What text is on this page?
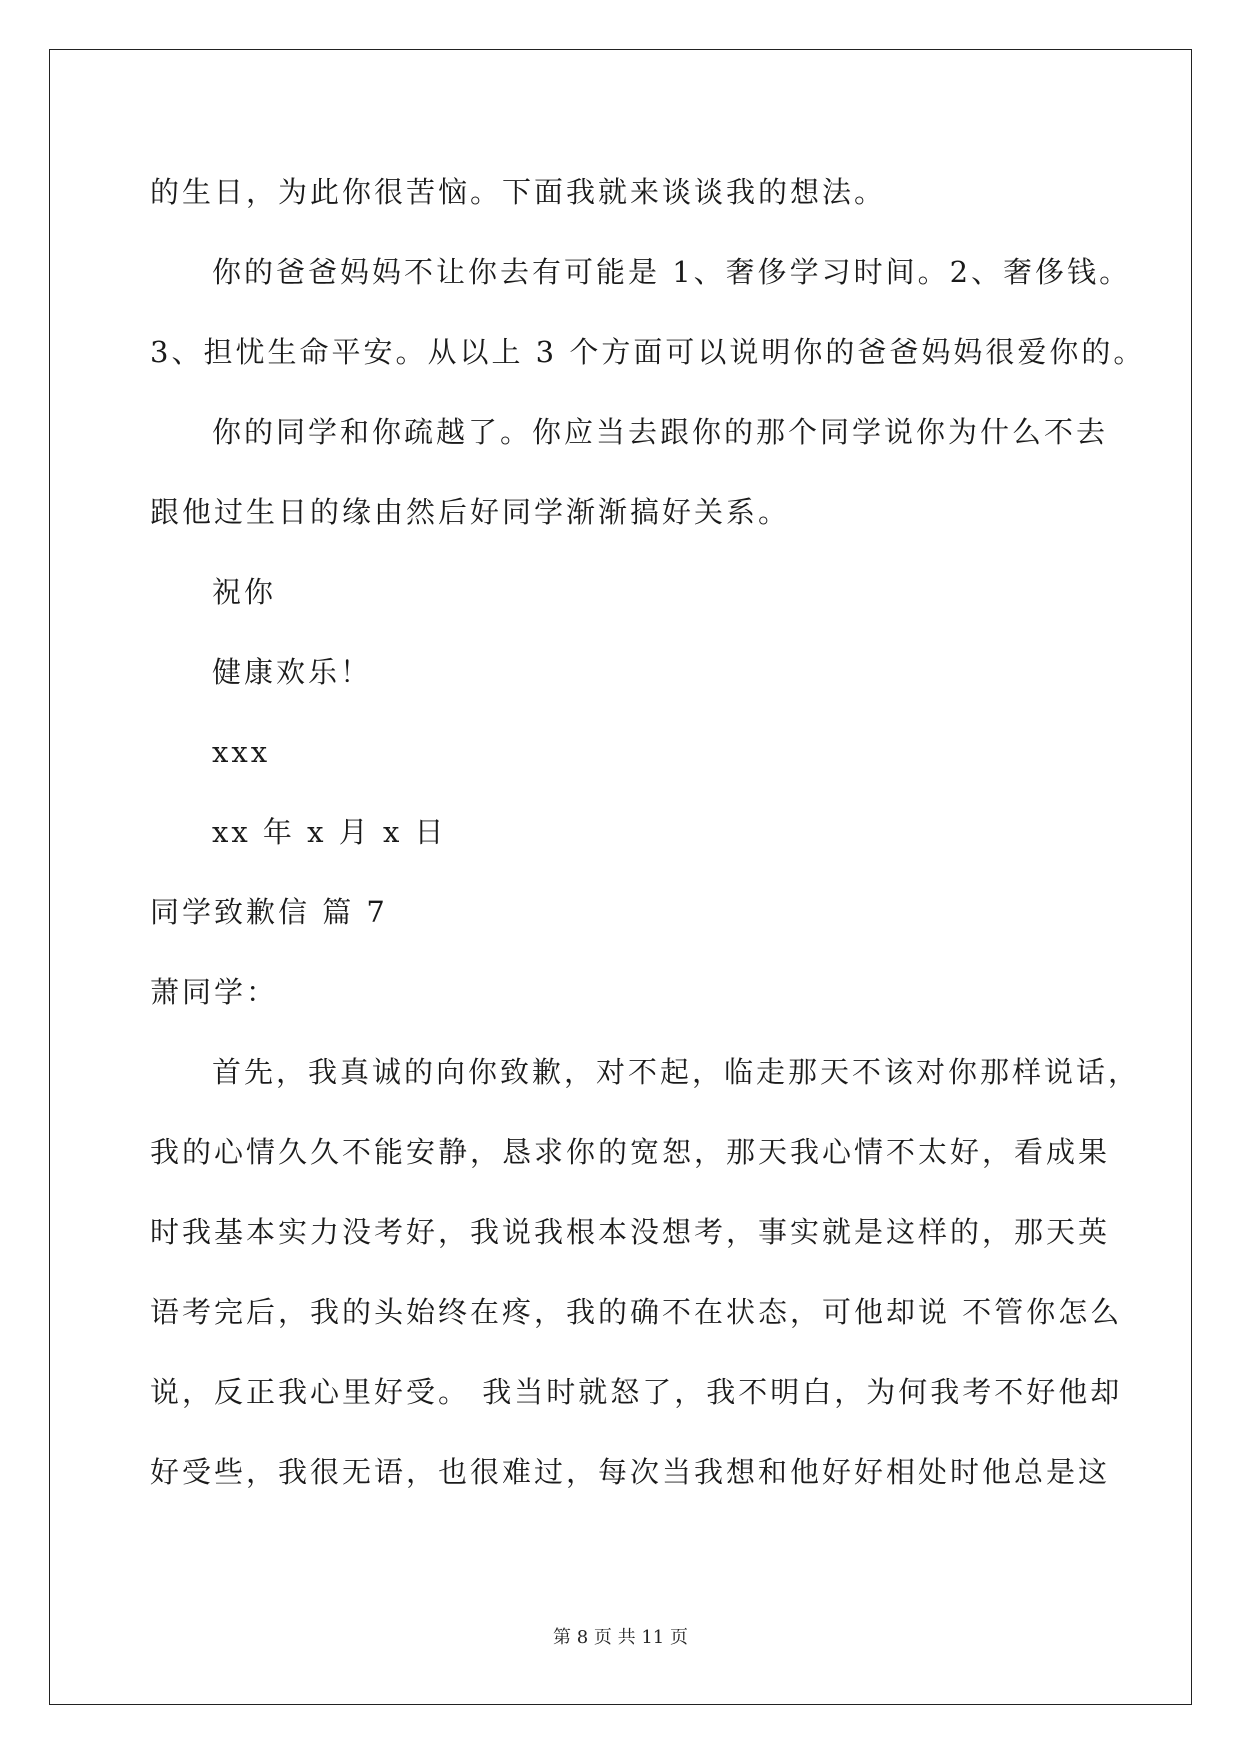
的生日，为此你很苦恼。下面我就来谈谈我的想法。
你的爸爸妈妈不让你去有可能是 1、奢侈学习时间。2、奢侈钱。
3、担忧生命平安。从以上 3 个方面可以说明你的爸爸妈妈很爱你的。
你的同学和你疏越了。你应当去跟你的那个同学说你为什么不去
跟他过生日的缘由然后好同学渐渐搞好关系。
祝你
健康欢乐！
xxx
xx 年 x 月 x 日
同学致歉信 篇 7
萧同学：
首先，我真诚的向你致歉，对不起，临走那天不该对你那样说话，
我的心情久久不能安静，恳求你的宽恕，那天我心情不太好，看成果
时我基本实力没考好，我说我根本没想考，事实就是这样的，那天英
语考完后，我的头始终在疼，我的确不在状态，可他却说 不管你怎么
说，反正我心里好受。 我当时就怒了，我不明白，为何我考不好他却
好受些，我很无语，也很难过，每次当我想和他好好相处时他总是这
第 8 页 共 11 页
